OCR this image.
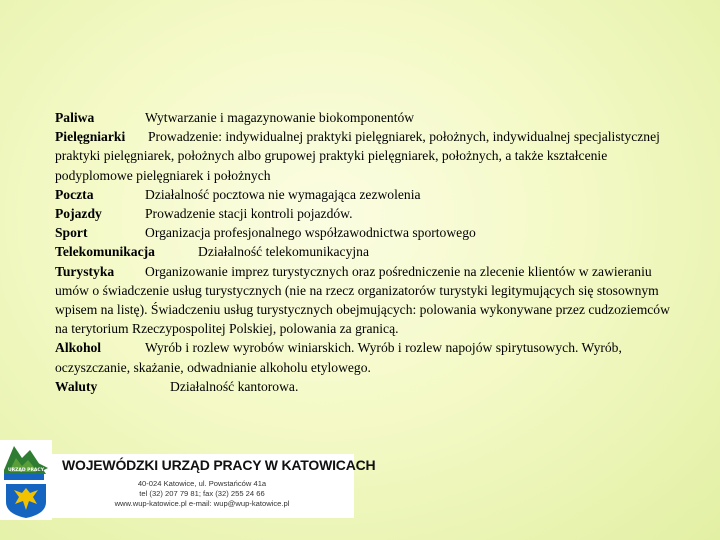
Paliwa	Wytwarzanie i magazynowanie biokomponentów

Pielęgniarki Prowadzenie: indywidualnej praktyki pielęgniarek, położnych, indywidualnej specjalistycznej praktyki pielęgniarek, położnych albo grupowej praktyki pielęgniarek, położnych, a także kształcenie podyplomowe pielęgniarek i położnych

Poczta	Działalność pocztowa nie wymagająca zezwolenia

Pojazdy	Prowadzenie stacji kontroli pojazdów.

Sport	Organizacja profesjonalnego współzawodnictwa sportowego

Telekomunikacja	Działalność telekomunikacyjna

Turystyka Organizowanie imprez turystycznych oraz pośredniczenie na zlecenie klientów w zawieraniu umów o świadczenie usług turystycznych (nie na rzecz organizatorów turystyki legitymujących się stosownym wpisem na listę). Świadczeniu usług turystycznych obejmujących: polowania wykonywane przez cudzoziemców na terytorium Rzeczypospolitej Polskiej, polowania za granicą.

Alkohol	Wyrób i rozlew wyrobów winiarskich. Wyrób i rozlew napojów spirytusowych. Wyrób, oczyszczanie, skażanie, odwadnianie alkoholu etylowego.

Waluty	Działalność kantorowa.

URZĄD PRACY WOJEWÓDZKI URZĄD PRACY W KATOWICACH
40-024 Katowice, ul. Powstańców 41a
tel (32) 207 79 81; fax (32) 255 24 66
www.wup-katowice.pl e-mail: wup@wup-katowice.pl
